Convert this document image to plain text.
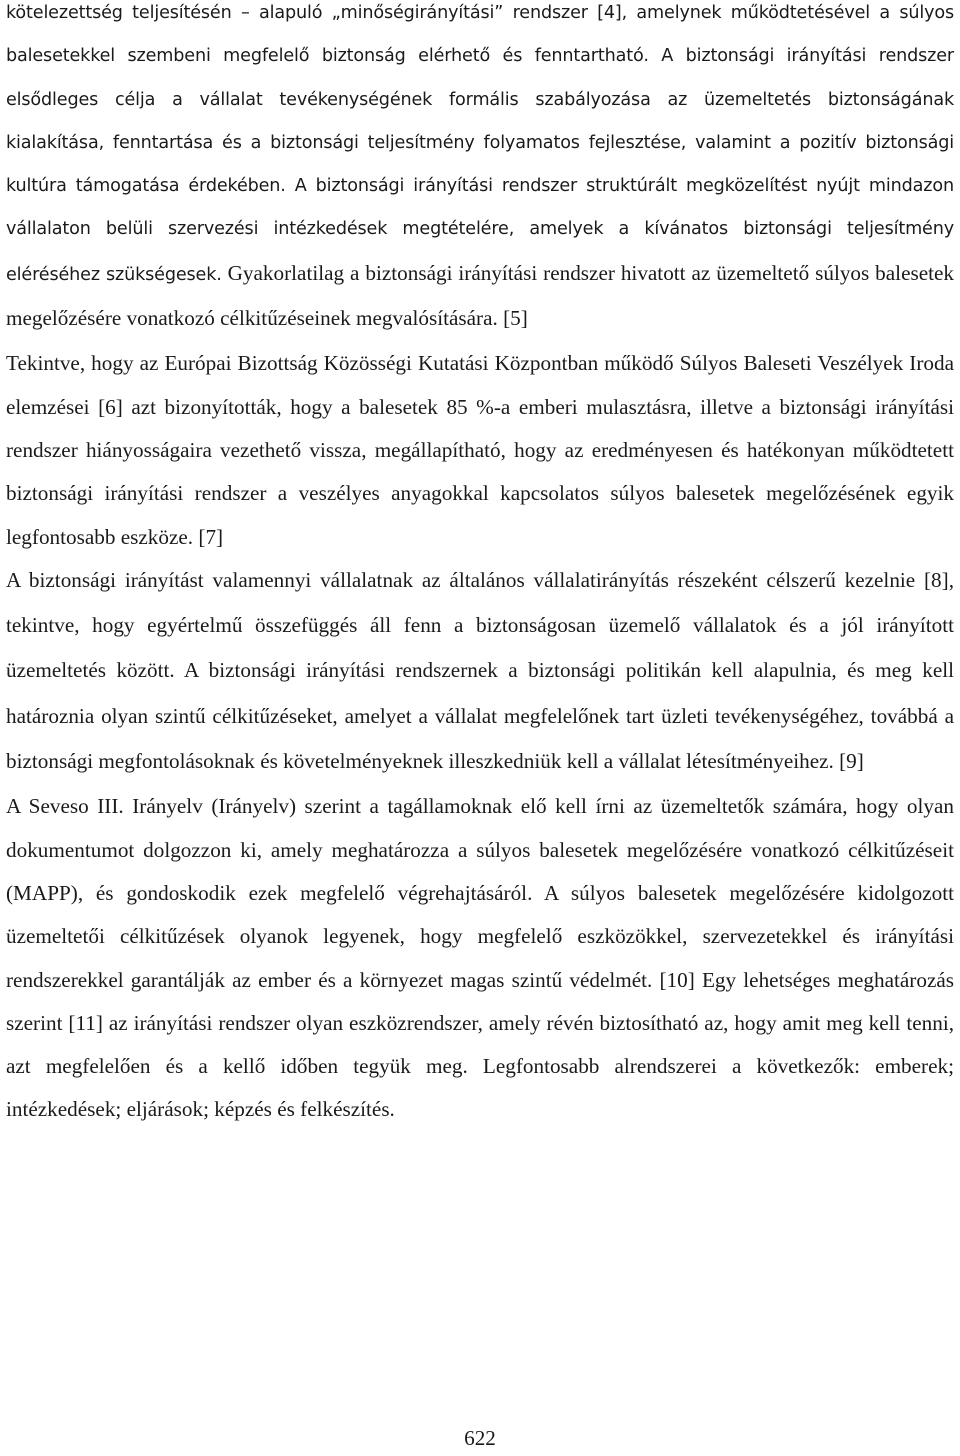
kötelezettség teljesítésén – alapuló „minőségirányítási” rendszer [4], amelynek működtetésével a súlyos balesetekkel szembeni megfelelő biztonság elérhető és fenntartható. A biztonsági irányítási rendszer elsődleges célja a vállalat tevékenységének formális szabályozása az üzemeltetés biztonságának kialakítása, fenntartása és a biztonsági teljesítmény folyamatos fejlesztése, valamint a pozitív biztonsági kultúra támogatása érdekében. A biztonsági irányítási rendszer struktúrált megközelítést nyújt mindazon vállalaton belüli szervezési intézkedések megtételére, amelyek a kívánatos biztonsági teljesítmény eléréséhez szükségesek. Gyakorlatilag a biztonsági irányítási rendszer hivatott az üzemeltető súlyos balesetek megelőzésére vonatkozó célkitűzéseinek megvalósítására. [5]

Tekintve, hogy az Európai Bizottság Közösségi Kutatási Központban működő Súlyos Baleseti Veszélyek Iroda elemzései [6] azt bizonyították, hogy a balesetek 85 %-a emberi mulasztásra, illetve a biztonsági irányítási rendszer hiányosságaira vezethető vissza, megállapítható, hogy az eredményesen és hatékonyan működtetett biztonsági irányítási rendszer a veszélyes anyagokkal kapcsolatos súlyos balesetek megelőzésének egyik legfontosabb eszköze. [7]

A biztonsági irányítást valamennyi vállalatnak az általános vállalatirányítás részeként célszerű kezelnie [8], tekintve, hogy egyértelmű összefüggés áll fenn a biztonságosan üzemelő vállalatok és a jól irányított üzemeltetés között. A biztonsági irányítási rendszernek a biztonsági politikán kell alapulnia, és meg kell határoznia olyan szintű célkitűzéseket, amelyet a vállalat megfelelőnek tart üzleti tevékenységéhez, továbbá a biztonsági megfontolásoknak és követelményeknek illeszkedniük kell a vállalat létesítményeihez. [9]

A Seveso III. Irányelv (Irányelv) szerint a tagállamoknak elő kell írni az üzemeltetők számára, hogy olyan dokumentumot dolgozzon ki, amely meghatározza a súlyos balesetek megelőzésére vonatkozó célkitűzéseit (MAPP), és gondoskodik ezek megfelelő végrehajtásáról. A súlyos balesetek megelőzésére kidolgozott üzemeltetői célkitűzések olyanok legyenek, hogy megfelelő eszközökkel, szervezetekkel és irányítási rendszerekkel garantálják az ember és a környezet magas szintű védelmét. [10] Egy lehetséges meghatározás szerint [11] az irányítási rendszer olyan eszközrendszer, amely révén biztosítható az, hogy amit meg kell tenni, azt megfelelően és a kellő időben tegyük meg. Legfontosabb alrendszerei a következők: emberek; intézkedések; eljárások; képzés és felkészítés.

622
